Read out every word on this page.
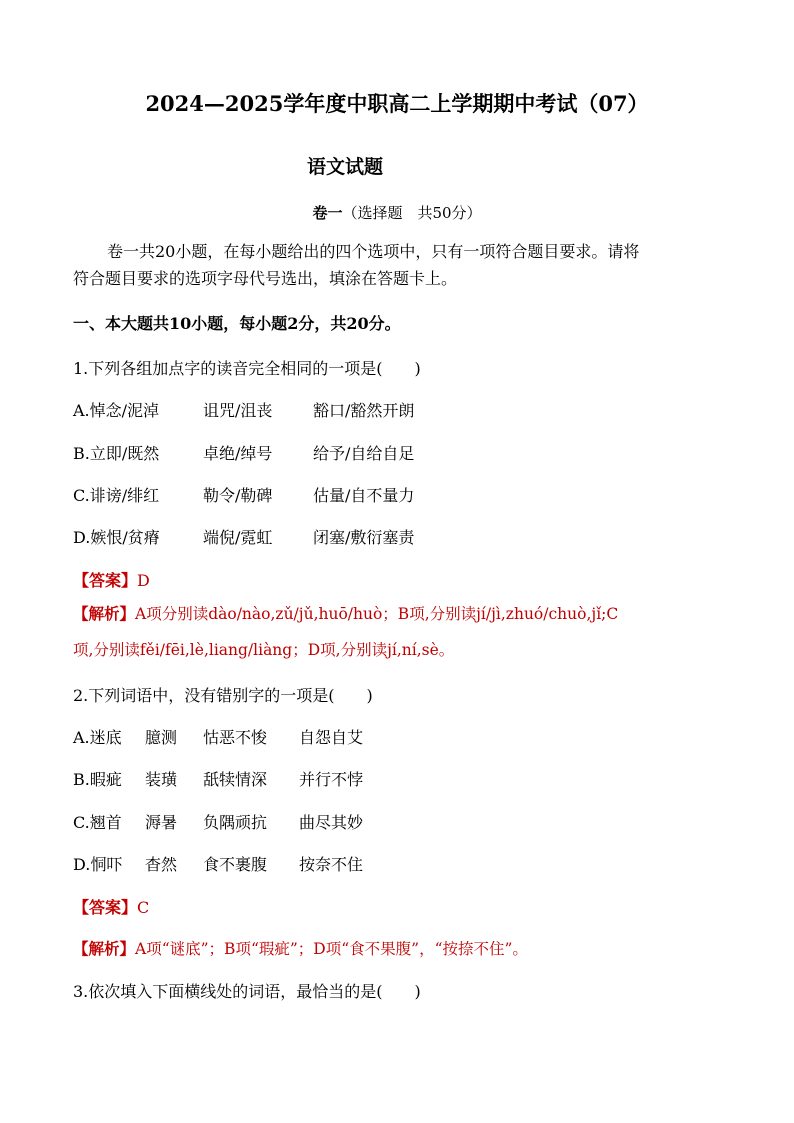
2024—2025学年度中职高二上学期期中考试（07）
语文试题
卷一（选择题　共50分）
卷一共20小题，在每小题给出的四个选项中，只有一项符合题目要求。请将
符合题目要求的选项字母代号选出，填涂在答题卡上。
一、本大题共10小题，每小题2分，共20分。
1.下列各组加点字的读音完全相同的一项是(　　)
A.悼念/泥淖	诅咒/沮丧	豁口/豁然开朗
B.立即/既然	卓绝/绰号	给予/自给自足
C.诽谤/绯红	勒令/勒碑	估量/自不量力
D.嫉恨/贫瘠	端倪/霓虹	闭塞/敷衍塞责
【答案】D
【解析】A项分别读dào/nào,zǔ/jǔ,huō/huò；B项,分别读jí/jì,zhuó/chuò,jǐ;C
项,分别读fěi/fēi,lè,liang/liàng；D项,分别读jí,ní,sè。
2.下列词语中，没有错别字的一项是(　　)
A.迷底 臆测 怙恶不悛 自怨自艾
B.暇疵 装璜 舐犊情深 并行不悖
C.翘首 溽暑 负隅顽抗 曲尽其妙
D.恫吓 杳然 食不裹腹 按奈不住
【答案】C
【解析】A项“谜底”；B项“瑕疵”；D项“食不果腹”，“按捺不住”。
3.依次填入下面横线处的词语，最恰当的是(　　)
